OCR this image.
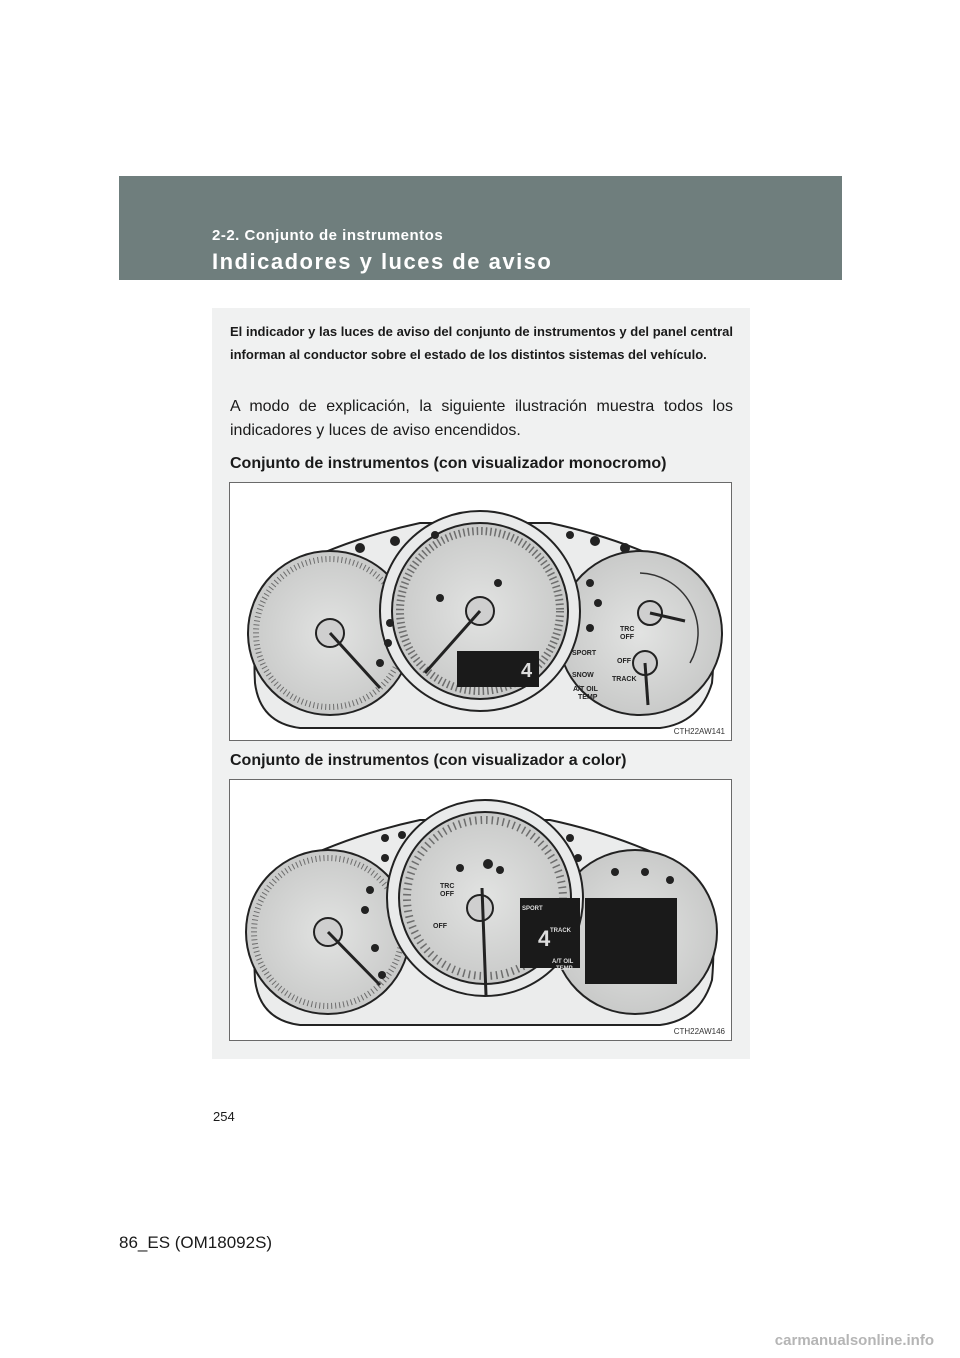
2-2. Conjunto de instrumentos
Indicadores y luces de aviso
El indicador y las luces de aviso del conjunto de instrumentos y del panel central informan al conductor sobre el estado de los distintos sistemas del vehículo.
A modo de explicación, la siguiente ilustración muestra todos los indicadores y luces de aviso encendidos.
Conjunto de instrumentos (con visualizador monocromo)
4
TRC
OFF
OFF
SPORT
SNOW
TRACK
A/T OIL
TEMP
CTH22AW141
Conjunto de instrumentos (con visualizador a color)
4
TRC
OFF
OFF
SPORT
TRACK
A/T OIL
TEMP
CTH22AW146
254
86_ES (OM18092S)
carmanualsonline.info
